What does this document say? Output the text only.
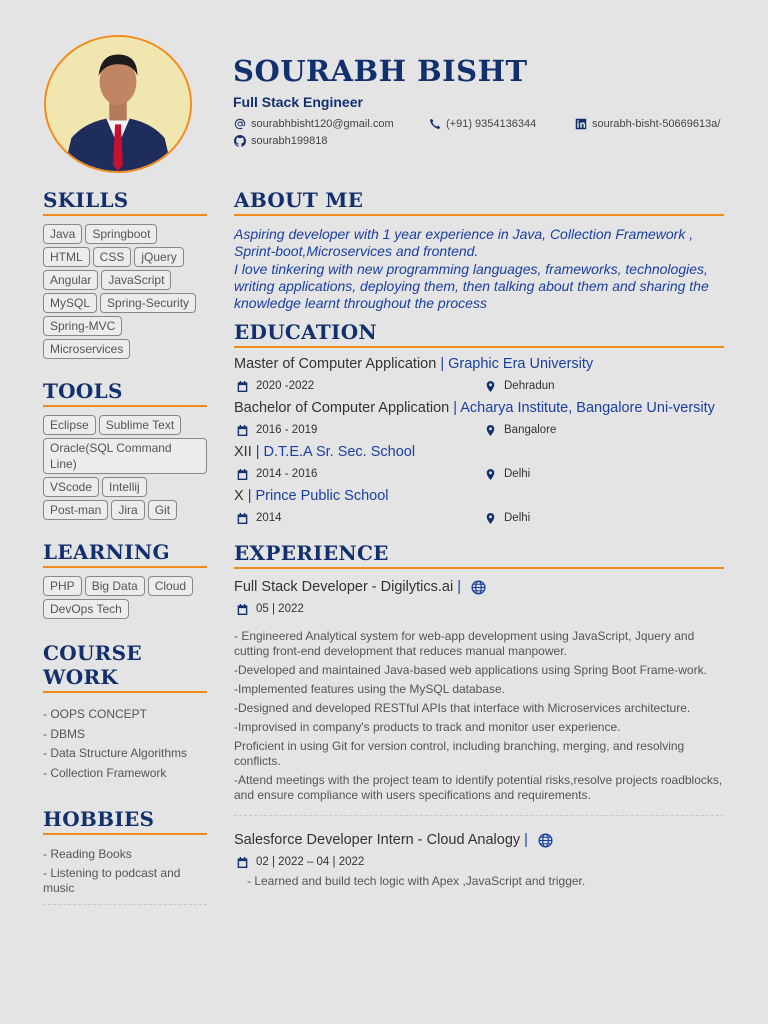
SOURABH BISHT
Full Stack Engineer
sourabhbisht120@gmail.com	(+91) 9354136344	sourabh-bisht-50669613a/
sourabh199818
SKILLS
Java	Springboot
HTML	CSS	jQuery
Angular	JavaScript
MySQL	Spring-Security
Spring-MVC
Microservices
TOOLS
Eclipse	Sublime Text
Oracle(SQL Command Line)
VScode	Intellij
Post-man	Jira	Git
LEARNING
PHP	Big Data	Cloud
DevOps Tech
COURSE WORK
- OOPS CONCEPT
- DBMS
- Data Structure Algorithms
- Collection Framework
HOBBIES
- Reading Books
- Listening to podcast and music
ABOUT ME
Aspiring developer with 1 year experience in Java, Collection Framework , Sprint-boot,Microservices and frontend.
I love tinkering with new programming languages, frameworks, technologies, writing applications, deploying them, then talking about them and sharing the knowledge learnt throughout the process
EDUCATION
Master of Computer Application | Graphic Era University
2020 -2022	Dehradun
Bachelor of Computer Application | Acharya Institute, Bangalore Uni-versity
2016 - 2019	Bangalore
XII | D.T.E.A Sr. Sec. School
2014 - 2016	Delhi
X | Prince Public School
2014	Delhi
EXPERIENCE
Full Stack Developer - Digilytics.ai |
05 | 2022
- Engineered Analytical system for web-app development using JavaScript, Jquery and cutting front-end development that reduces manual manpower.
-Developed and maintained Java-based web applications using Spring Boot Frame-work.
-Implemented features using the MySQL database.
-Designed and developed RESTful APIs that interface with Microservices architecture.
-Improvised in company's products to track and monitor user experience.
Proficient in using Git for version control, including branching, merging, and resolving conflicts.
-Attend meetings with the project team to identify potential risks,resolve projects roadblocks, and ensure compliance with users specifications and requirements.
Salesforce Developer Intern - Cloud Analogy |
02 | 2022 – 04 | 2022
- Learned and build tech logic with Apex ,JavaScript and trigger.
